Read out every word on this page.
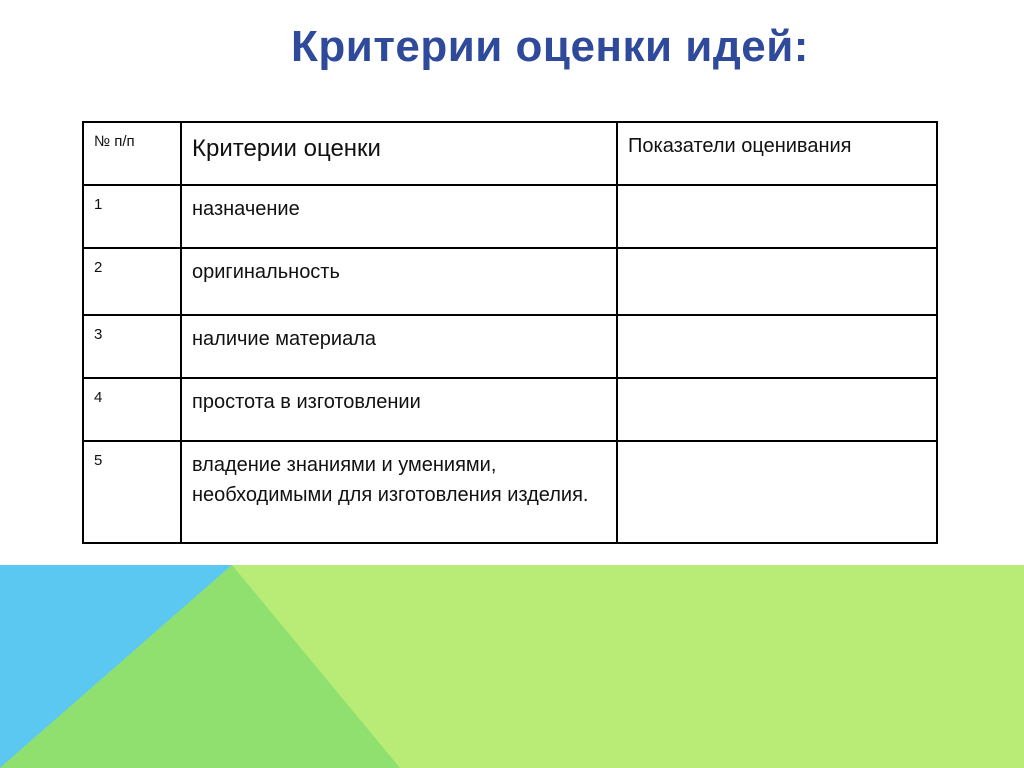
Критерии оценки идей:
№ п/п	Критерии оценки	Показатели оценивания
1	назначение	
2	оригинальность	
3	наличие материала	
4	простота в изготовлении	
5	владение знаниями и умениями, необходимыми для изготовления изделия.	
